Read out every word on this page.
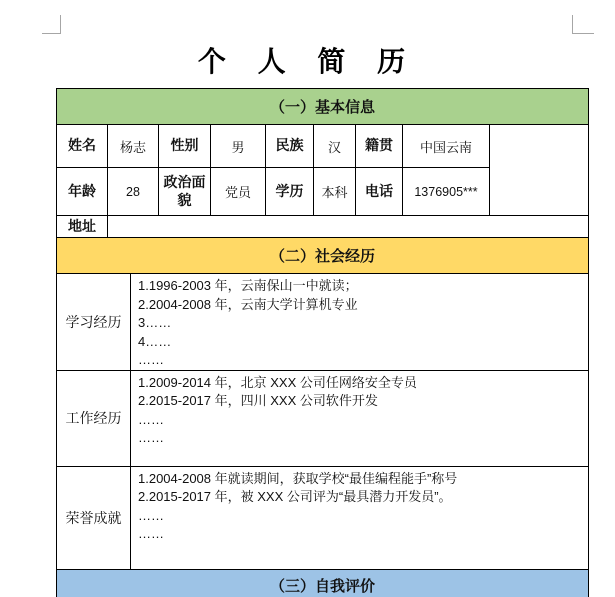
个 人 简 历
（一）基本信息								
姓名	杨志	性别	男	民族	汉	籍贯	中国云南	
年龄	28	政治面貌	党员	学历	本科	电话	1376905***	
地址								
（二）社会经历								
学习经历	1.1996-2003 年，云南保山一中就读；
2.2004-2008 年，云南大学计算机专业
3……
4……
……

工作经历	1.2009-2014 年，北京 XXX 公司任网络安全专员
2.2015-2017 年，四川 XXX 公司软件开发
……
……

荣誉成就	1.2004-2008 年就读期间，获取学校“最佳编程能手”称号
2.2015-2017 年，被 XXX 公司评为“最具潜力开发员”。
……
……

（三）自我评价	
